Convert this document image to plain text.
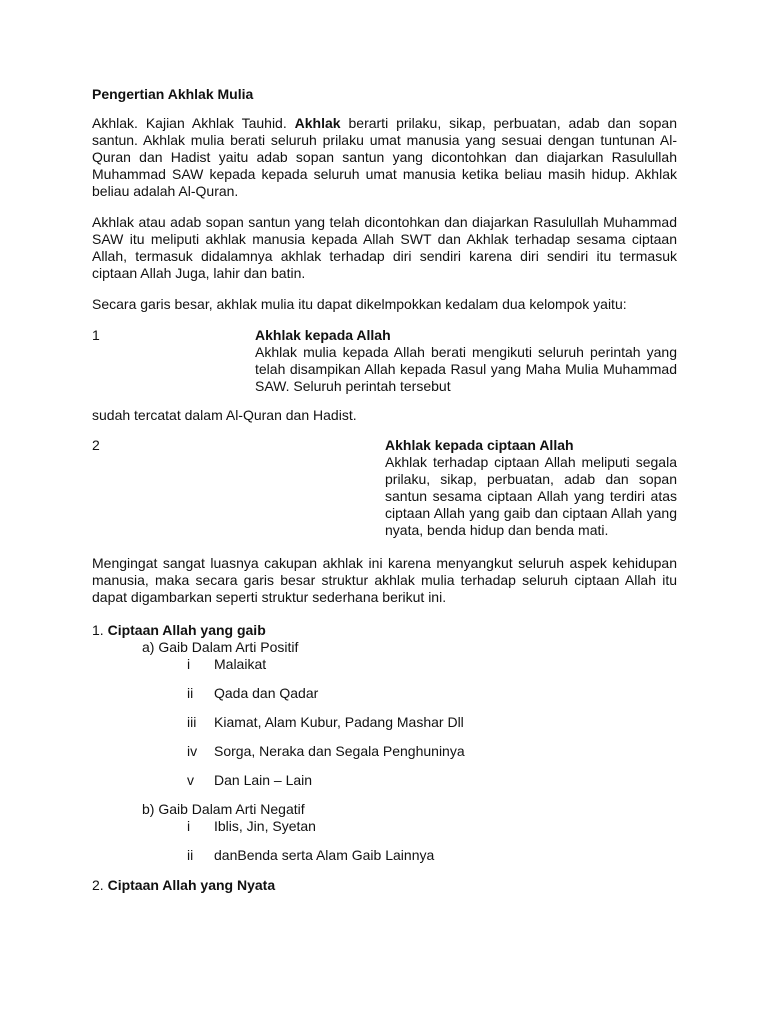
Pengertian Akhlak Mulia

Akhlak. Kajian Akhlak Tauhid. Akhlak berarti prilaku, sikap, perbuatan, adab dan sopan santun. Akhlak mulia berati seluruh prilaku umat manusia yang sesuai dengan tuntunan Al-Quran dan Hadist yaitu adab sopan santun yang dicontohkan dan diajarkan Rasulullah Muhammad SAW kepada kepada seluruh umat manusia ketika beliau masih hidup. Akhlak beliau adalah Al-Quran.

Akhlak atau adab sopan santun yang telah dicontohkan dan diajarkan Rasulullah Muhammad SAW itu meliputi akhlak manusia kepada Allah SWT dan Akhlak terhadap sesama ciptaan Allah, termasuk didalamnya akhlak terhadap diri sendiri karena diri sendiri itu termasuk ciptaan Allah Juga, lahir dan batin.

Secara garis besar, akhlak mulia itu dapat dikelmpokkan kedalam dua kelompok yaitu:

1	Akhlak kepada Allah

Akhlak mulia kepada Allah berati mengikuti seluruh perintah yang telah disampikan Allah kepada Rasul yang Maha Mulia Muhammad SAW. Seluruh perintah tersebut

sudah tercatat dalam Al-Quran dan Hadist.

2	Akhlak kepada ciptaan Allah

Akhlak terhadap ciptaan Allah meliputi segala prilaku, sikap, perbuatan, adab dan sopan santun sesama ciptaan Allah yang terdiri atas ciptaan Allah yang gaib dan ciptaan Allah yang nyata, benda hidup dan benda mati.

Mengingat sangat luasnya cakupan akhlak ini karena menyangkut seluruh aspek kehidupan manusia, maka secara garis besar struktur akhlak mulia terhadap seluruh ciptaan Allah itu dapat digambarkan seperti struktur sederhana berikut ini.

1. Ciptaan Allah yang gaib
a) Gaib Dalam Arti Positif
i	Malaikat
ii	Qada dan Qadar
iii	Kiamat, Alam Kubur, Padang Mashar Dll
iv	Sorga, Neraka dan Segala Penghuninya
v	Dan Lain – Lain
b) Gaib Dalam Arti Negatif
i	Iblis, Jin, Syetan
ii	danBenda serta Alam Gaib Lainnya
2. Ciptaan Allah yang Nyata
